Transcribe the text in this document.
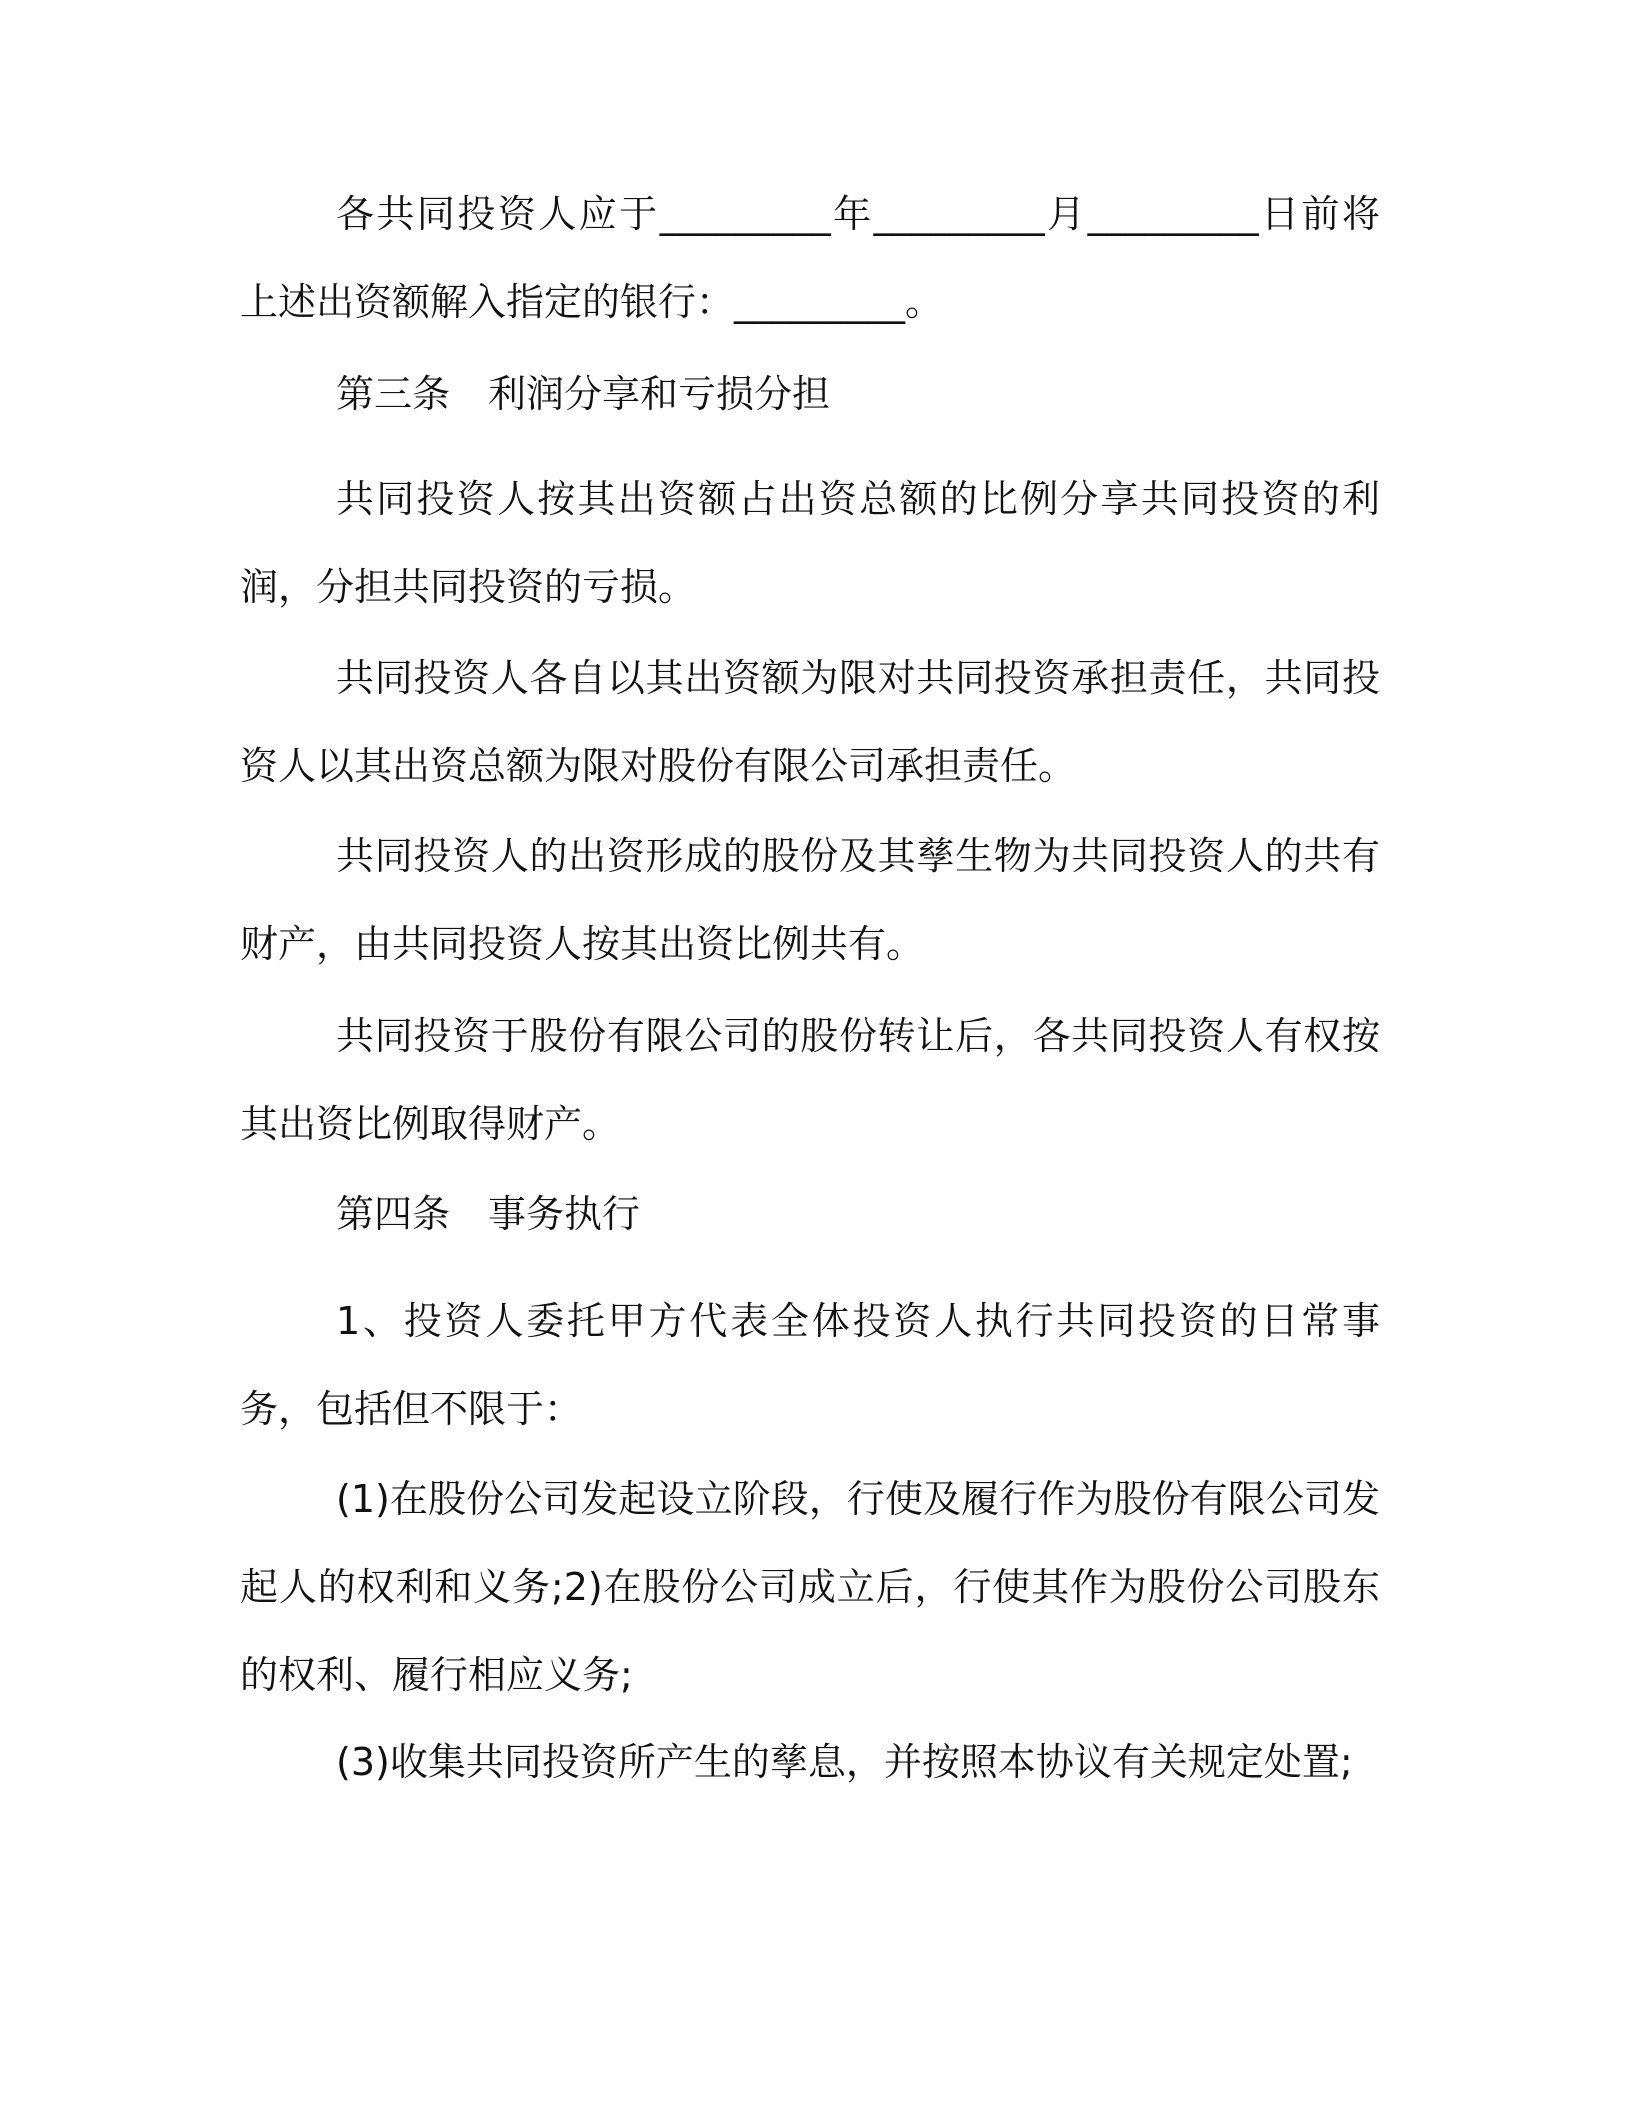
各共同投资人应于_________年_________月_________日前将上述出资额解入指定的银行：_________。

第三条　利润分享和亏损分担

共同投资人按其出资额占出资总额的比例分享共同投资的利润，分担共同投资的亏损。

共同投资人各自以其出资额为限对共同投资承担责任，共同投资人以其出资总额为限对股份有限公司承担责任。

共同投资人的出资形成的股份及其孳生物为共同投资人的共有财产，由共同投资人按其出资比例共有。

共同投资于股份有限公司的股份转让后，各共同投资人有权按其出资比例取得财产。

第四条　事务执行

1、投资人委托甲方代表全体投资人执行共同投资的日常事务，包括但不限于：

(1)在股份公司发起设立阶段，行使及履行作为股份有限公司发起人的权利和义务;2)在股份公司成立后，行使其作为股份公司股东的权利、履行相应义务;

(3)收集共同投资所产生的孳息，并按照本协议有关规定处置;
